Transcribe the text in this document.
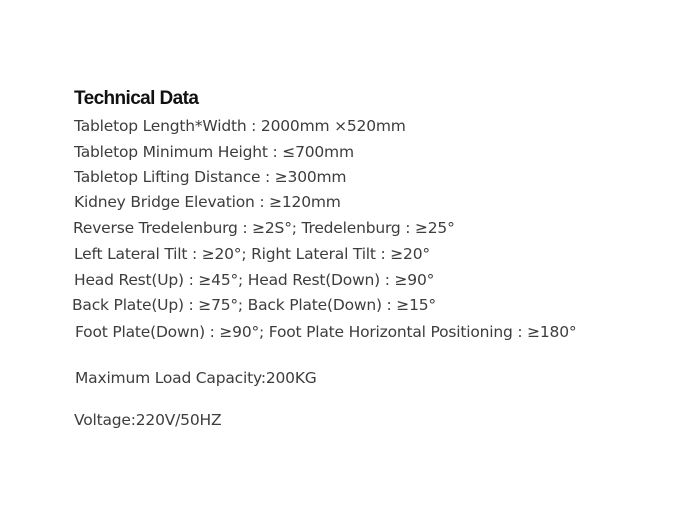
Technical Data
Tabletop Length*Width : 2000mm ×520mm
Tabletop Minimum Height : ≤700mm
Tabletop Lifting Distance : ≥300mm
Kidney Bridge Elevation : ≥120mm
Reverse Tredelenburg : ≥2S°; Tredelenburg : ≥25°
Left Lateral Tilt : ≥20°; Right Lateral Tilt : ≥20°
Head Rest(Up) : ≥45°; Head Rest(Down) : ≥90°
Back Plate(Up) : ≥75°; Back Plate(Down) : ≥15°
Foot Plate(Down) : ≥90°; Foot Plate Horizontal Positioning : ≥180°
Maximum Load Capacity:200KG
Voltage:220V/50HZ
